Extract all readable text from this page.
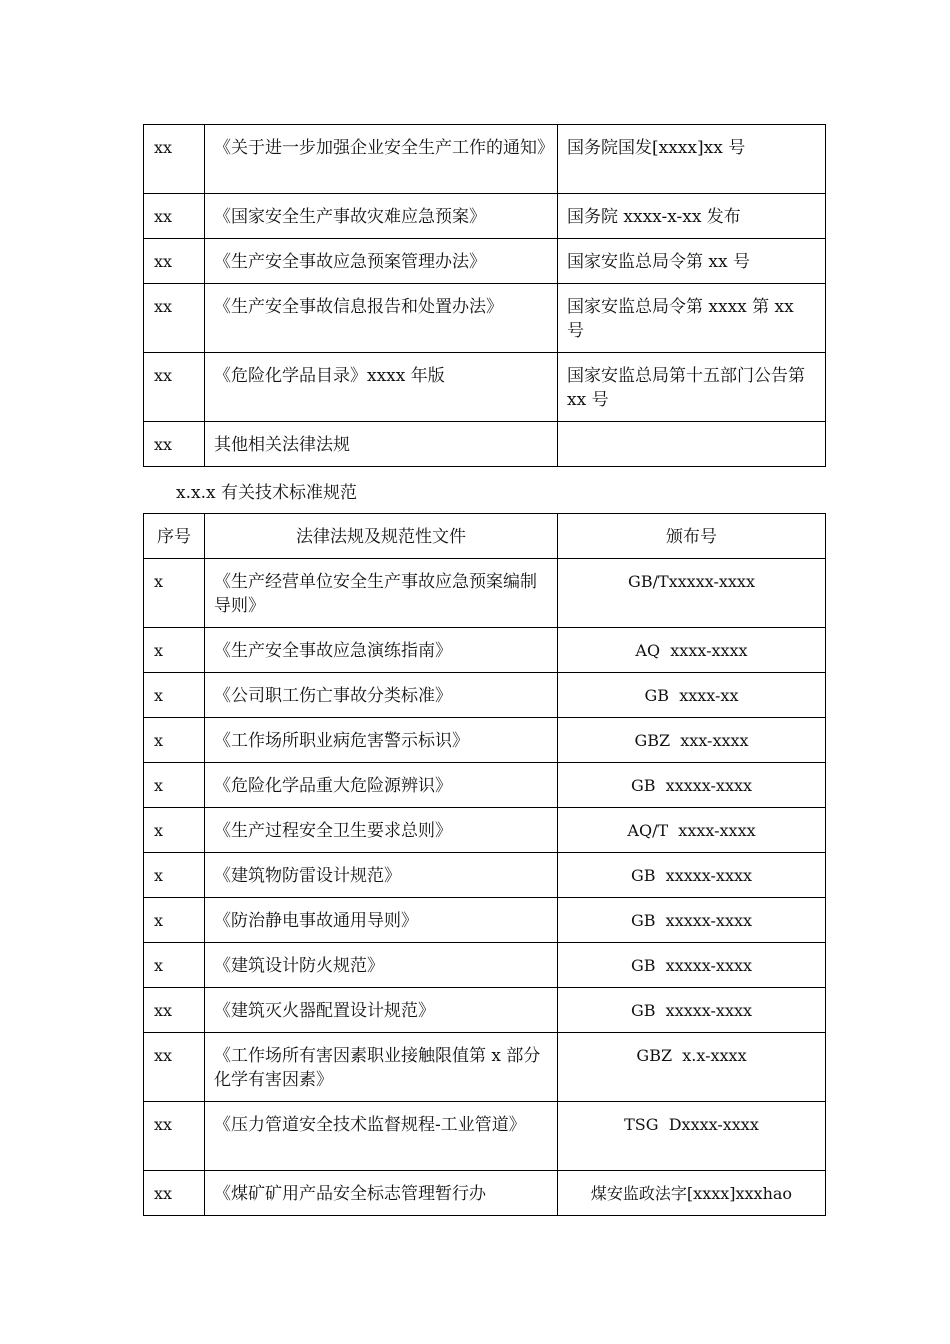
xx	《关于进一步加强企业安全生产工作的通知》	国务院国发[xxxx]xx 号
xx	《国家安全生产事故灾难应急预案》	国务院 xxxx-x-xx 发布
xx	《生产安全事故应急预案管理办法》	国家安监总局令第 xx 号
xx	《生产安全事故信息报告和处置办法》	国家安监总局令第 xxxx 第 xx 号
xx	《危险化学品目录》xxxx 年版	国家安监总局第十五部门公告第 xx 号
xx	其他相关法律法规	
x.x.x 有关技术标准规范
序号	法律法规及规范性文件	颁布号
x	《生产经营单位安全生产事故应急预案编制导则》	GB/Txxxxx-xxxx
x	《生产安全事故应急演练指南》	AQ  xxxx-xxxx
x	《公司职工伤亡事故分类标准》	GB  xxxx-xx
x	《工作场所职业病危害警示标识》	GBZ  xxx-xxxx
x	《危险化学品重大危险源辨识》	GB  xxxxx-xxxx
x	《生产过程安全卫生要求总则》	AQ/T  xxxx-xxxx
x	《建筑物防雷设计规范》	GB  xxxxx-xxxx
x	《防治静电事故通用导则》	GB  xxxxx-xxxx
x	《建筑设计防火规范》	GB  xxxxx-xxxx
xx	《建筑灭火器配置设计规范》	GB  xxxxx-xxxx
xx	《工作场所有害因素职业接触限值第 x 部分化学有害因素》	GBZ  x.x-xxxx
xx	《压力管道安全技术监督规程-工业管道》	TSG  Dxxxx-xxxx
xx	《煤矿矿用产品安全标志管理暂行办	煤安监政法字[xxxx]xxxhao
